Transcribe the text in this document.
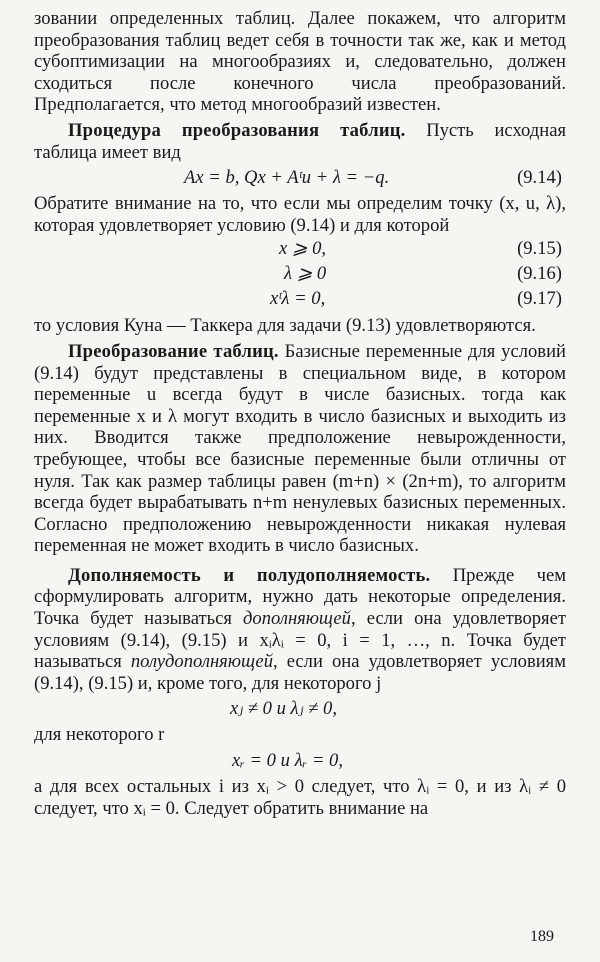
зовании определенных таблиц. Далее покажем, что алгоритм преобразования таблиц ведет себя в точности так же, как и метод субоптимизации на многообразиях и, следовательно, должен сходиться после конечного числа преобразований. Предполагается, что метод многообразий известен.

Процедура преобразования таблиц. Пусть исходная таблица имеет вид

Ax = b, Qx + Aᵗu + λ = −q.	(9.14)

Обратите внимание на то, что если мы определим точку (x, u, λ), которая удовлетворяет условию (9.14) и для которой

x ⩾ 0,	(9.15)
λ ⩾ 0	(9.16)
xᵗλ = 0,	(9.17)

то условия Куна — Таккера для задачи (9.13) удовлетворяются.

Преобразование таблиц. Базисные переменные для условий (9.14) будут представлены в специальном виде, в котором переменные u всегда будут в числе базисных. тогда как переменные x и λ могут входить в число базисных и выходить из них. Вводится также предположение невырожденности, требующее, чтобы все базисные переменные были отличны от нуля. Так как размер таблицы равен (m+n) × (2n+m), то алгоритм всегда будет вырабатывать n+m ненулевых базисных переменных. Согласно предположению невырожденности никакая нулевая переменная не может входить в число базисных.

Дополняемость и полудополняемость. Прежде чем сформулировать алгоритм, нужно дать некоторые определения. Точка будет называться дополняющей, если она удовлетворяет условиям (9.14), (9.15) и xᵢλᵢ = 0, i = 1, …, n. Точка будет называться полудополняющей, если она удовлетворяет условиям (9.14), (9.15) и, кроме того, для некоторого j

xⱼ ≠ 0 и λⱼ ≠ 0,

для некоторого r

xᵣ = 0 и λᵣ = 0,

а для всех остальных i из xᵢ > 0 следует, что λᵢ = 0, и из λᵢ ≠ 0 следует, что xᵢ = 0. Следует обратить внимание на

189
